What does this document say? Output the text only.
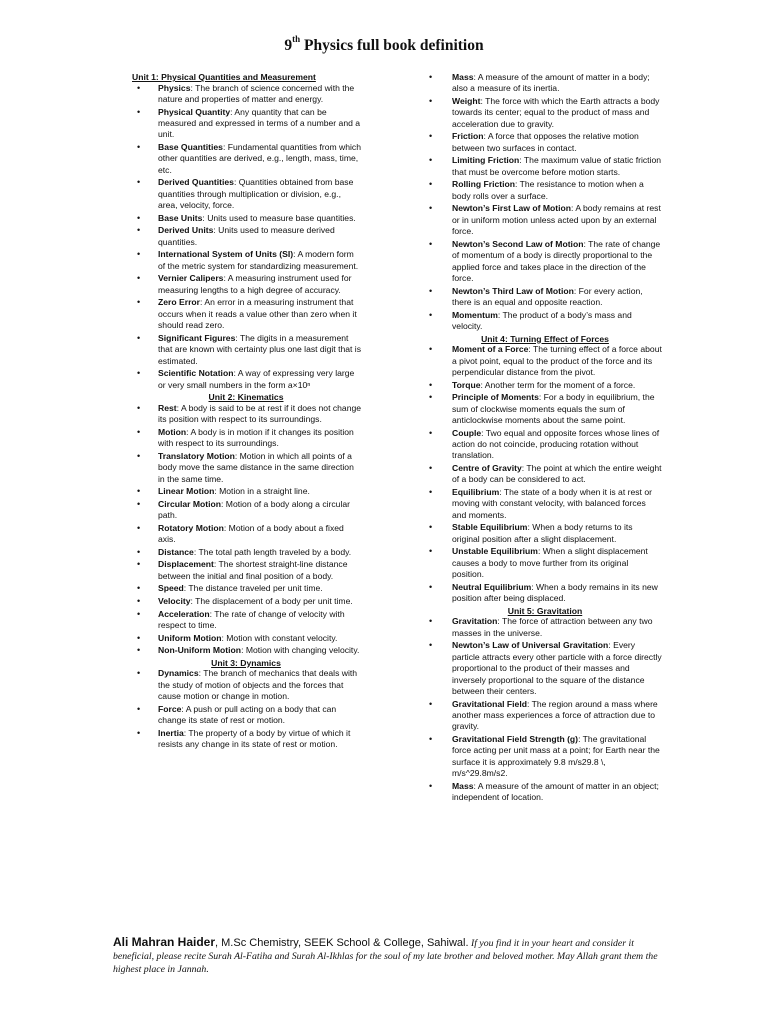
9th Physics full book definition
Unit 1: Physical Quantities and Measurement
• Physics: The branch of science concerned with the nature and properties of matter and energy.
• Physical Quantity: Any quantity that can be measured and expressed in terms of a number and a unit.
• Base Quantities: Fundamental quantities from which other quantities are derived, e.g., length, mass, time, etc.
• Derived Quantities: Quantities obtained from base quantities through multiplication or division, e.g., area, velocity, force.
• Base Units: Units used to measure base quantities.
• Derived Units: Units used to measure derived quantities.
• International System of Units (SI): A modern form of the metric system for standardizing measurement.
• Vernier Calipers: A measuring instrument used for measuring lengths to a high degree of accuracy.
• Zero Error: An error in a measuring instrument that occurs when it reads a value other than zero when it should read zero.
• Significant Figures: The digits in a measurement that are known with certainty plus one last digit that is estimated.
• Scientific Notation: A way of expressing very large or very small numbers in the form a×10ⁿ
Unit 2: Kinematics
• Rest: A body is said to be at rest if it does not change its position with respect to its surroundings.
• Motion: A body is in motion if it changes its position with respect to its surroundings.
• Translatory Motion: Motion in which all points of a body move the same distance in the same direction in the same time.
• Linear Motion: Motion in a straight line.
• Circular Motion: Motion of a body along a circular path.
• Rotatory Motion: Motion of a body about a fixed axis.
• Distance: The total path length traveled by a body.
• Displacement: The shortest straight-line distance between the initial and final position of a body.
• Speed: The distance traveled per unit time.
• Velocity: The displacement of a body per unit time.
• Acceleration: The rate of change of velocity with respect to time.
• Uniform Motion: Motion with constant velocity.
• Non-Uniform Motion: Motion with changing velocity.
Unit 3: Dynamics
• Dynamics: The branch of mechanics that deals with the study of motion of objects and the forces that cause motion or change in motion.
• Force: A push or pull acting on a body that can change its state of rest or motion.
• Inertia: The property of a body by virtue of which it resists any change in its state of rest or motion.
• Mass: A measure of the amount of matter in a body; also a measure of its inertia.
• Weight: The force with which the Earth attracts a body towards its center; equal to the product of mass and acceleration due to gravity.
• Friction: A force that opposes the relative motion between two surfaces in contact.
• Limiting Friction: The maximum value of static friction that must be overcome before motion starts.
• Rolling Friction: The resistance to motion when a body rolls over a surface.
• Newton’s First Law of Motion: A body remains at rest or in uniform motion unless acted upon by an external force.
• Newton’s Second Law of Motion: The rate of change of momentum of a body is directly proportional to the applied force and takes place in the direction of the force.
• Newton’s Third Law of Motion: For every action, there is an equal and opposite reaction.
• Momentum: The product of a body’s mass and velocity.
Unit 4: Turning Effect of Forces
• Moment of a Force: The turning effect of a force about a pivot point, equal to the product of the force and its perpendicular distance from the pivot.
• Torque: Another term for the moment of a force.
• Principle of Moments: For a body in equilibrium, the sum of clockwise moments equals the sum of anticlockwise moments about the same point.
• Couple: Two equal and opposite forces whose lines of action do not coincide, producing rotation without translation.
• Centre of Gravity: The point at which the entire weight of a body can be considered to act.
• Equilibrium: The state of a body when it is at rest or moving with constant velocity, with balanced forces and moments.
• Stable Equilibrium: When a body returns to its original position after a slight displacement.
• Unstable Equilibrium: When a slight displacement causes a body to move further from its original position.
• Neutral Equilibrium: When a body remains in its new position after being displaced.
Unit 5: Gravitation
• Gravitation: The force of attraction between any two masses in the universe.
• Newton’s Law of Universal Gravitation: Every particle attracts every other particle with a force directly proportional to the product of their masses and inversely proportional to the square of the distance between their centers.
• Gravitational Field: The region around a mass where another mass experiences a force of attraction due to gravity.
• Gravitational Field Strength (g): The gravitational force acting per unit mass at a point; for Earth near the surface it is approximately 9.8 m/s29.8 \, m/s^29.8m/s2.
• Mass: A measure of the amount of matter in an object; independent of location.
Ali Mahran Haider, M.Sc Chemistry, SEEK School & College, Sahiwal. If you find it in your heart and consider it beneficial, please recite Surah Al-Fatiha and Surah Al-Ikhlas for the soul of my late brother and beloved mother. May Allah grant them the highest place in Jannah.
